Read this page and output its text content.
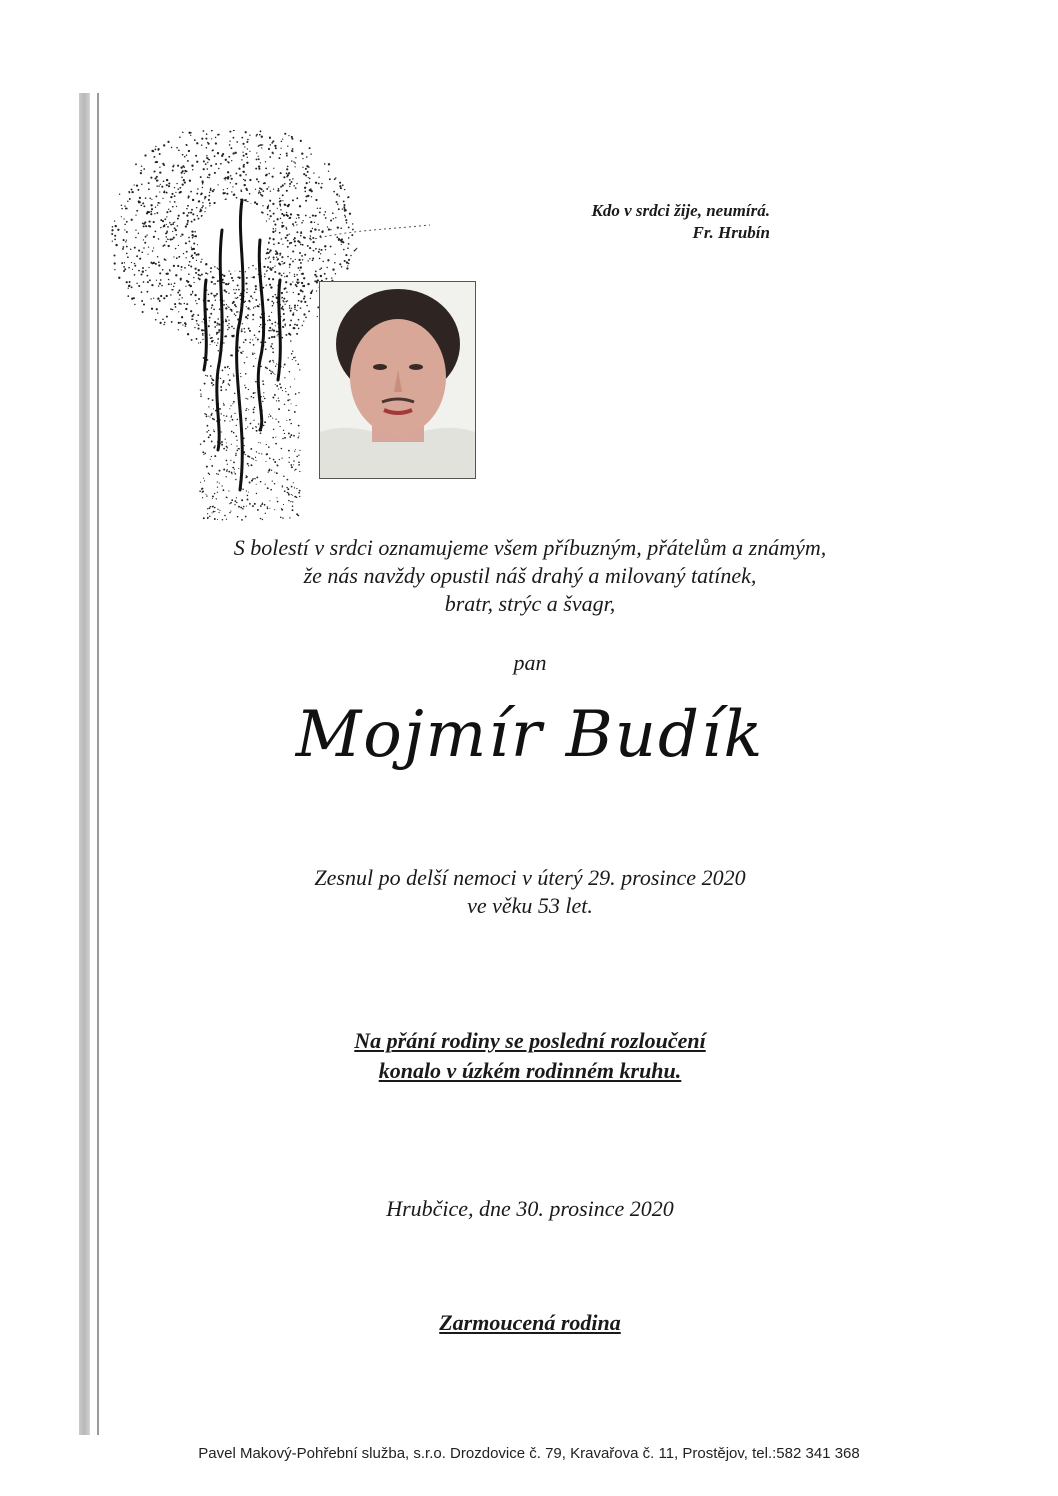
Kdo v srdci žije, neumírá.

Fr. Hrubín
S bolestí v srdci oznamujeme všem příbuzným, přátelům a známým,
že nás navždy opustil náš drahý a milovaný tatínek,
bratr, strýc a švagr,
pan
Mojmír Budík
Zesnul po delší nemoci v úterý 29. prosince 2020
ve věku 53 let.
Na přání rodiny se poslední rozloučení
konalo v úzkém rodinném kruhu.
Hrubčice, dne 30. prosince 2020
Zarmoucená rodina
Pavel Makový-Pohřební služba, s.r.o. Drozdovice č. 79, Kravařova č. 11, Prostějov, tel.:582 341 368
